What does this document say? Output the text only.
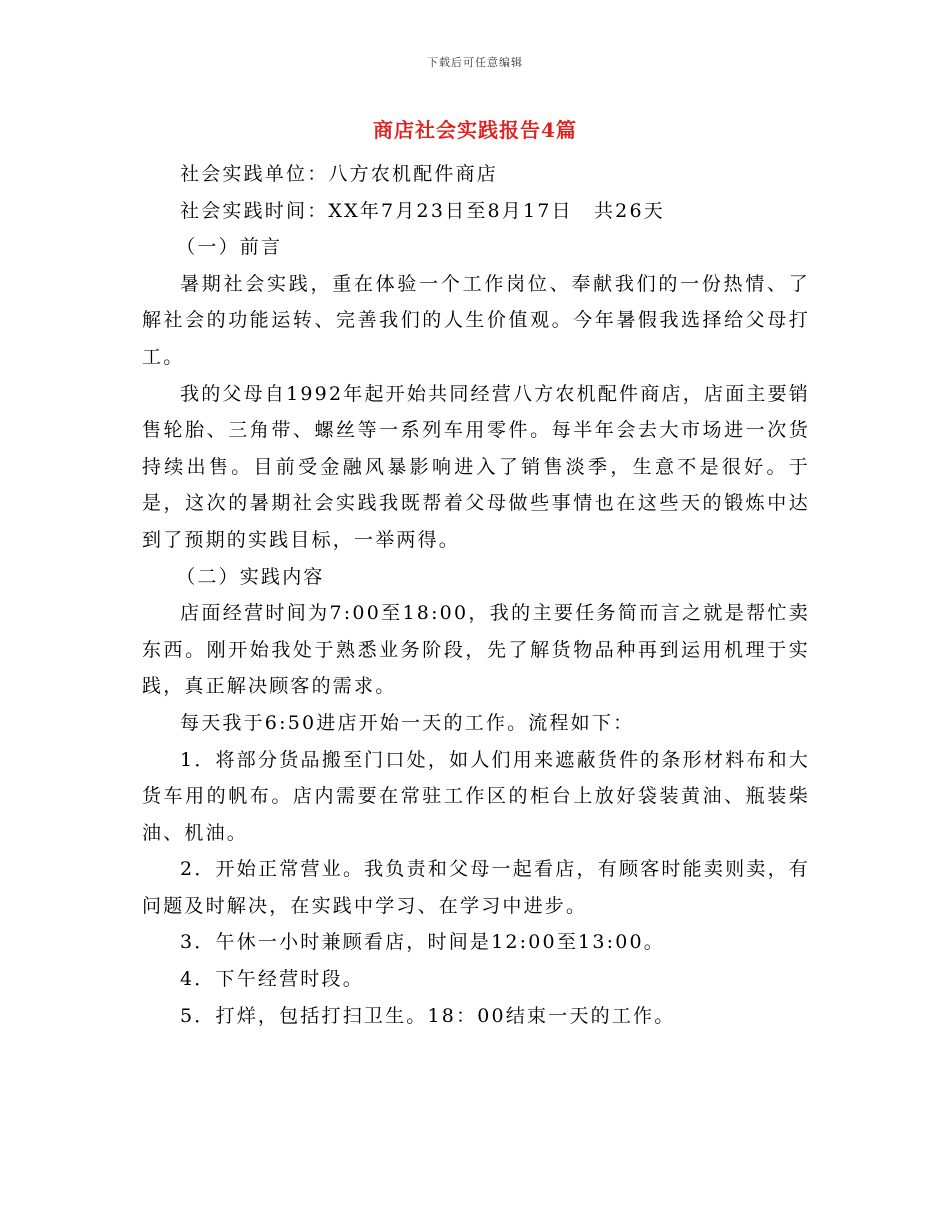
下载后可任意编辑
商店社会实践报告4篇

社会实践单位：八方农机配件商店

社会实践时间：XX年7月23日至8月17日　共26天

（一）前言

暑期社会实践，重在体验一个工作岗位、奉献我们的一份热情、了解社会的功能运转、完善我们的人生价值观。今年暑假我选择给父母打工。

我的父母自1992年起开始共同经营八方农机配件商店，店面主要销售轮胎、三角带、螺丝等一系列车用零件。每半年会去大市场进一次货持续出售。目前受金融风暴影响进入了销售淡季，生意不是很好。于是，这次的暑期社会实践我既帮着父母做些事情也在这些天的锻炼中达到了预期的实践目标，一举两得。

（二）实践内容

店面经营时间为7:00至18:00，我的主要任务简而言之就是帮忙卖东西。刚开始我处于熟悉业务阶段，先了解货物品种再到运用机理于实践，真正解决顾客的需求。

每天我于6:50进店开始一天的工作。流程如下：

1．将部分货品搬至门口处，如人们用来遮蔽货件的条形材料布和大货车用的帆布。店内需要在常驻工作区的柜台上放好袋装黄油、瓶装柴油、机油。

2．开始正常营业。我负责和父母一起看店，有顾客时能卖则卖，有问题及时解决，在实践中学习、在学习中进步。

3．午休一小时兼顾看店，时间是12:00至13:00。

4．下午经营时段。

5．打烊，包括打扫卫生。18：00结束一天的工作。
